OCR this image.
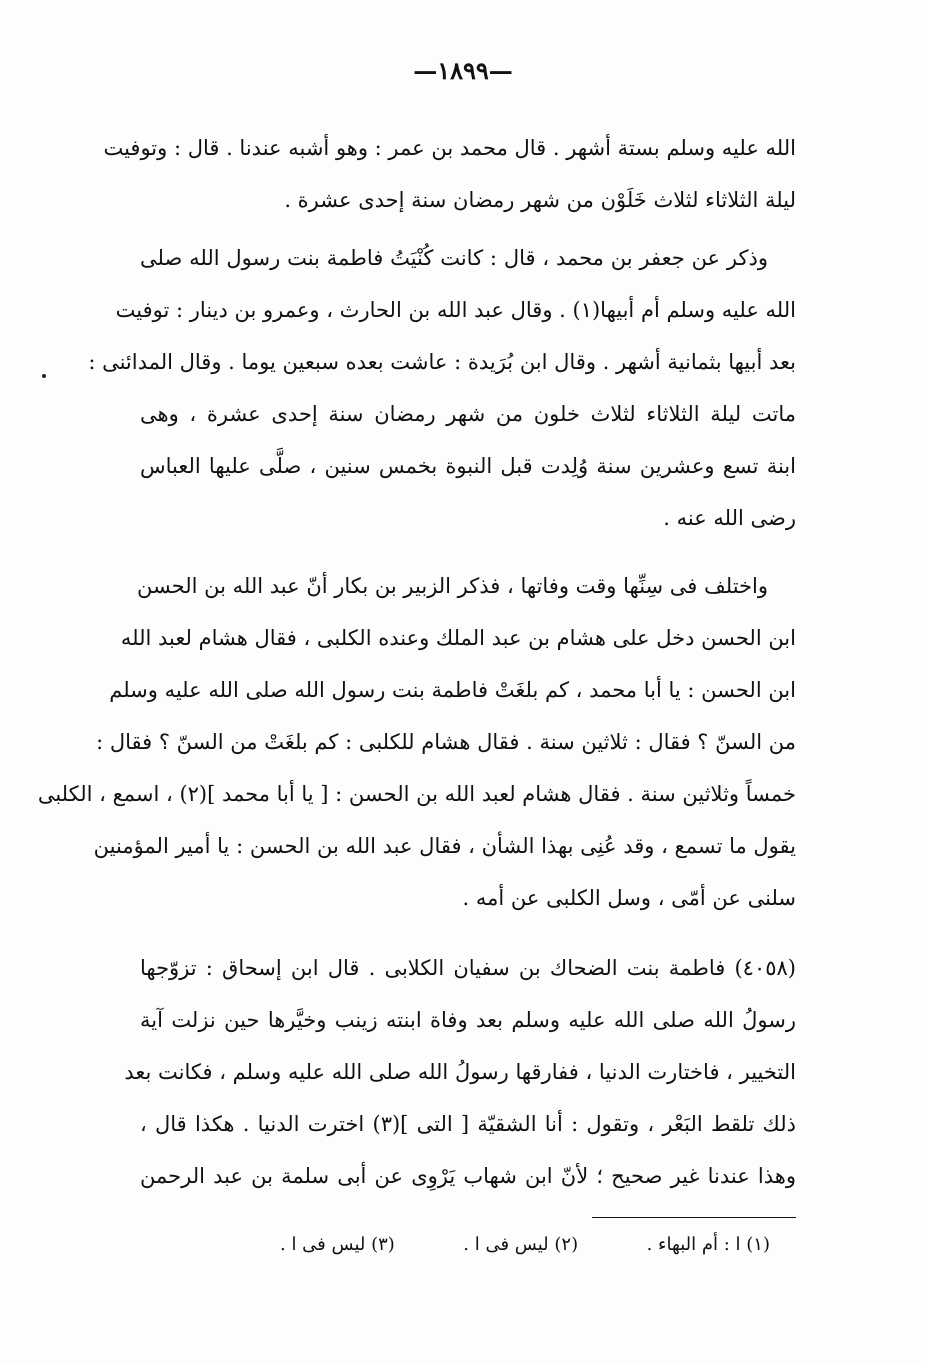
—١٨٩٩—
الله عليه وسلم بستة أشهر . قال محمد بن عمر : وهو أشبه عندنا . قال : وتوفيت
ليلة الثلاثاء لثلاث خَلَوْن من شهر رمضان سنة إحدى عشرة .
وذكر عن جعفر بن محمد ، قال : كانت كُنْيَتُ فاطمة بنت رسول الله صلى
الله عليه وسلم أم أبيها(١) . وقال عبد الله بن الحارث ، وعمرو بن دينار : توفيت
بعد أبيها بثمانية أشهر . وقال ابن بُرَيدة : عاشت بعده سبعين يوما . وقال المدائنى :
ماتت ليلة الثلاثاء لثلاث خلون من شهر رمضان سنة إحدى عشرة ، وهى
ابنة تسع وعشرين سنة وُلِدت قبل النبوة بخمس سنين ، صلَّى عليها العباس
رضى الله عنه .
واختلف فى سِنِّها وقت وفاتها ، فذكر الزبير بن بكار أنّ عبد الله بن الحسن
ابن الحسن دخل على هشام بن عبد الملك وعنده الكلبى ، فقال هشام لعبد الله
ابن الحسن : يا أبا محمد ، كم بلغَتْ فاطمة بنت رسول الله صلى الله عليه وسلم
من السنّ ؟ فقال : ثلاثين سنة . فقال هشام للكلبى : كم بلغَتْ من السنّ ؟ فقال :
خمساً وثلاثين سنة . فقال هشام لعبد الله بن الحسن : [ يا أبا محمد ](٢) ، اسمع ، الكلبى
يقول ما تسمع ، وقد عُنِى بهذا الشأن ، فقال عبد الله بن الحسن : يا أمير المؤمنين
سلنى عن أمّى ، وسل الكلبى عن أمه .
(٤٠٥٨) فاطمة بنت الضحاك بن سفيان الكلابى . قال ابن إسحاق : تزوّجها
رسولُ الله صلى الله عليه وسلم بعد وفاة ابنته زينب وخيَّرها حين نزلت آية
التخيير ، فاختارت الدنيا ، ففارقها رسولُ الله صلى الله عليه وسلم ، فكانت بعد
ذلك تلقط البَعْر ، وتقول : أنا الشقيّة [ التى ](٣) اخترت الدنيا . هكذا قال ،
وهذا عندنا غير صحيح ؛ لأنّ ابن شهاب يَرْوِى عن أبى سلمة بن عبد الرحمن
(١) ا : أم البهاء .
(٢) ليس فى ا .
(٣) ليس فى ا .
